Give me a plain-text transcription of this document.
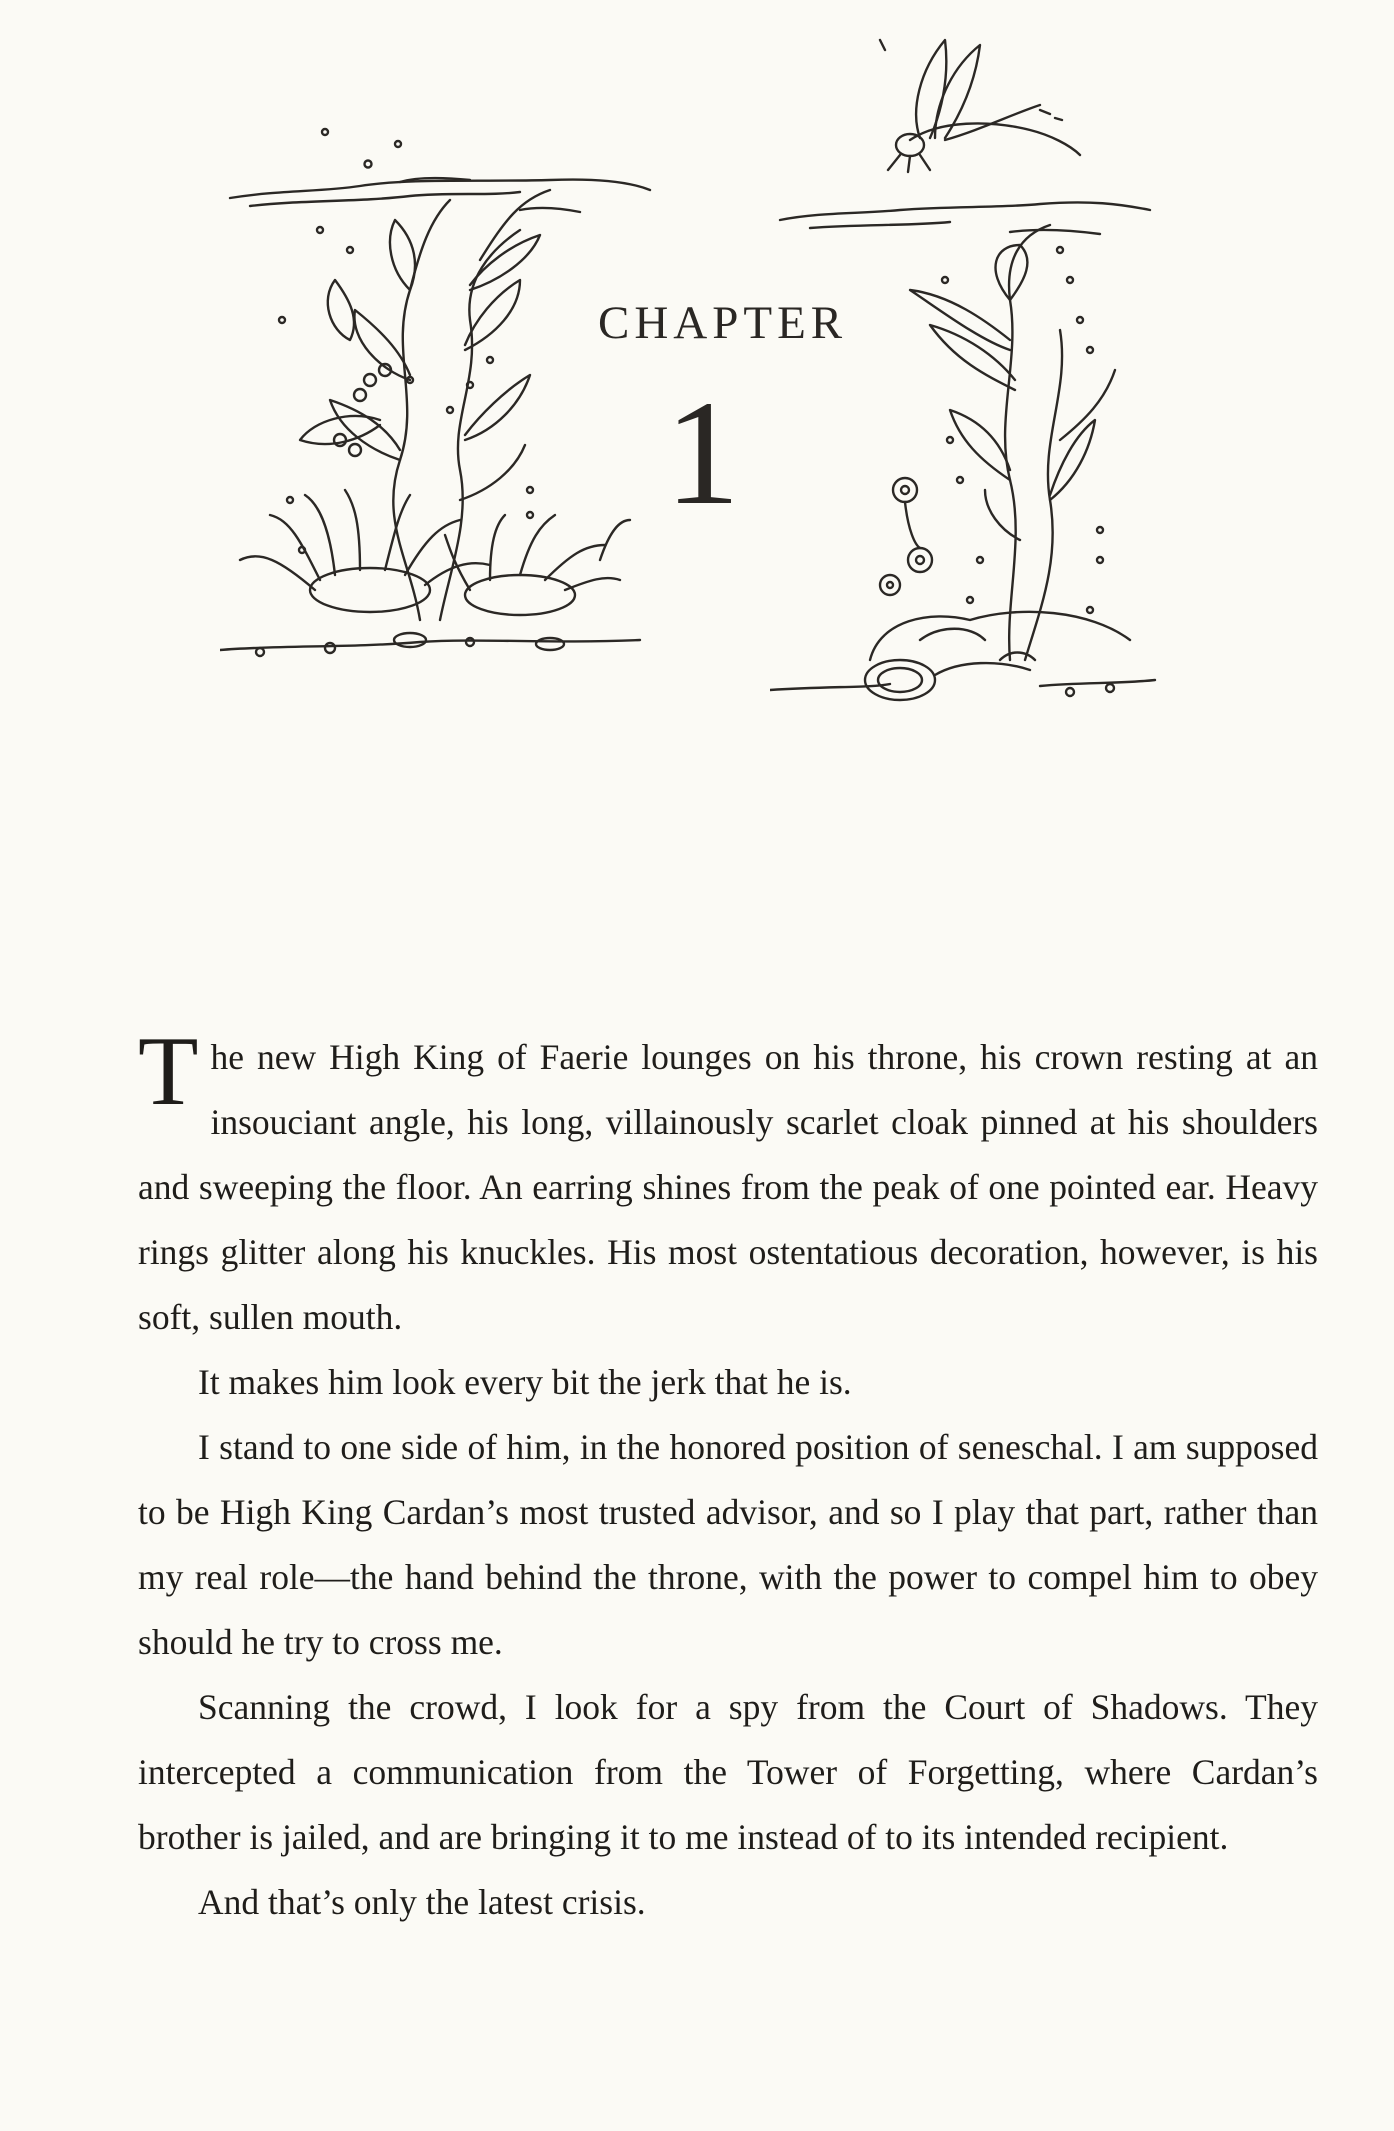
CHAPTER
1

The new High King of Faerie lounges on his throne, his crown resting at an insouciant angle, his long, villainously scarlet cloak pinned at his shoulders and sweeping the floor. An earring shines from the peak of one pointed ear. Heavy rings glitter along his knuckles. His most ostentatious decoration, however, is his soft, sullen mouth.

It makes him look every bit the jerk that he is.

I stand to one side of him, in the honored position of seneschal. I am supposed to be High King Cardan’s most trusted advisor, and so I play that part, rather than my real role—the hand behind the throne, with the power to compel him to obey should he try to cross me.

Scanning the crowd, I look for a spy from the Court of Shadows. They intercepted a communication from the Tower of Forgetting, where Cardan’s brother is jailed, and are bringing it to me instead of to its intended recipient.

And that’s only the latest crisis.
